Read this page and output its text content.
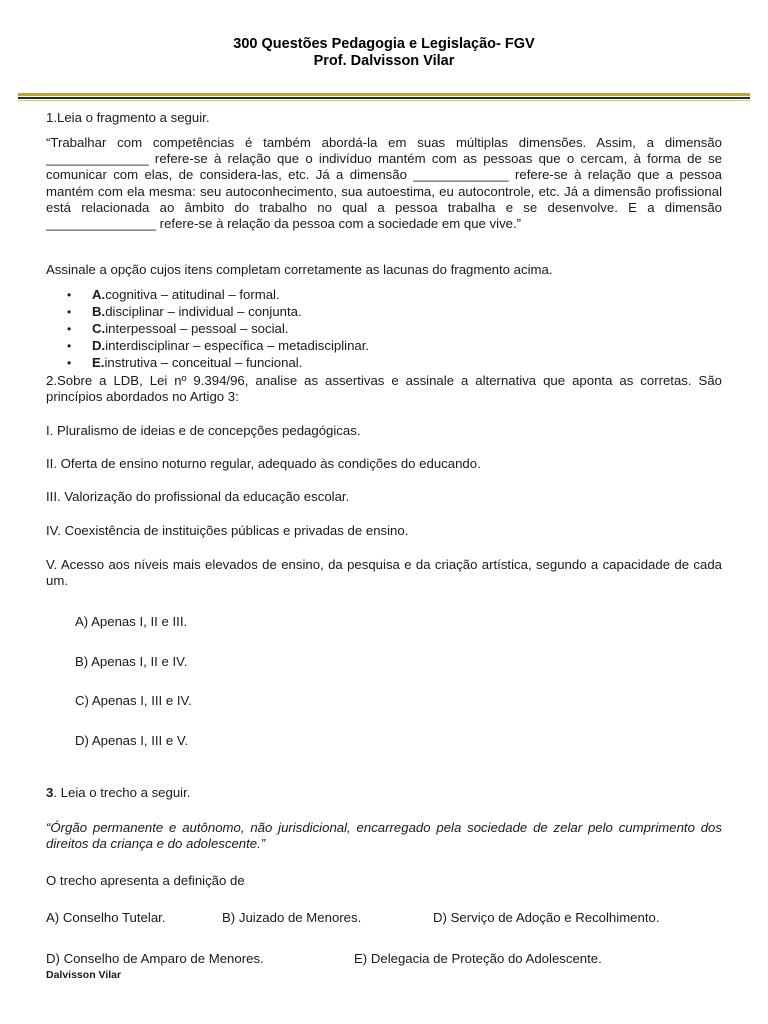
300 Questões Pedagogia e Legislação- FGV
Prof. Dalvisson Vilar

1.Leia o fragmento a seguir.

“Trabalhar com competências é também abordá-la em suas múltiplas dimensões. Assim, a dimensão ______________ refere-se à relação que o indivíduo mantém com as pessoas que o cercam, à forma de se comunicar com elas, de considera-las, etc. Já a dimensão _____________ refere-se à relação que a pessoa mantém com ela mesma: seu autoconhecimento, sua autoestima, eu autocontrole, etc. Já a dimensão profissional está relacionada ao âmbito do trabalho no qual a pessoa trabalha e se desenvolve. E a dimensão _______________ refere-se à relação da pessoa com a sociedade em que vive.”

Assinale a opção cujos itens completam corretamente as lacunas do fragmento acima.

• A.cognitiva – atitudinal – formal.
• B.disciplinar – individual – conjunta.
• C.interpessoal – pessoal – social.
• D.interdisciplinar – específica – metadisciplinar.
• E.instrutiva – conceitual – funcional.

2.Sobre a LDB, Lei nº 9.394/96, analise as assertivas e assinale a alternativa que aponta as corretas. São princípios abordados no Artigo 3:

I. Pluralismo de ideias e de concepções pedagógicas.

II. Oferta de ensino noturno regular, adequado às condições do educando.

III. Valorização do profissional da educação escolar.

IV. Coexistência de instituições públicas e privadas de ensino.

V. Acesso aos níveis mais elevados de ensino, da pesquisa e da criação artística, segundo a capacidade de cada um.

A) Apenas I, II e III.

B) Apenas I, II e IV.

C) Apenas I, III e IV.

D) Apenas I, III e V.

3. Leia o trecho a seguir.

“Órgão permanente e autônomo, não jurisdicional, encarregado pela sociedade de zelar pelo cumprimento dos direitos da criança e do adolescente.”

O trecho apresenta a definição de

A) Conselho Tutelar.	B) Juizado de Menores.	D) Serviço de Adoção e Recolhimento.
D) Conselho de Amparo de Menores.	E) Delegacia de Proteção do Adolescente.
Dalvisson Vilar
